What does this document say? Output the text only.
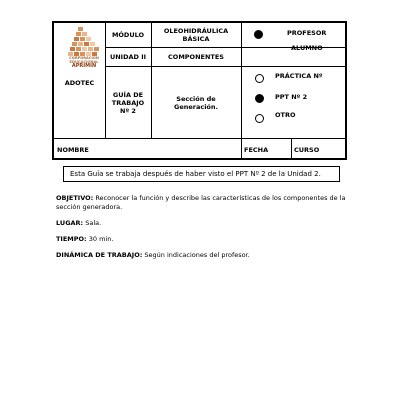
CORPORACIÓN
EDUCACIONAL
APRIMIN
ADOTEC
MÓDULO	OLEOHIDRÁULICA BÁSICA
UNIDAD II	COMPONENTES
GUÍA DE TRABAJO Nº 2
Sección de Generación.
PROFESOR
ALUMNO
PRÁCTICA Nº
PPT Nº 2
OTRO
NOMBRE	FECHA	CURSO
Esta Guía se trabaja después de haber visto el PPT Nº 2 de la Unidad 2.
OBJETIVO: Reconocer la función y describe las características de los componentes de la sección generadora.
LUGAR: Sala.
TIEMPO: 30 min.
DINÁMICA DE TRABAJO: Según indicaciones del profesor.
